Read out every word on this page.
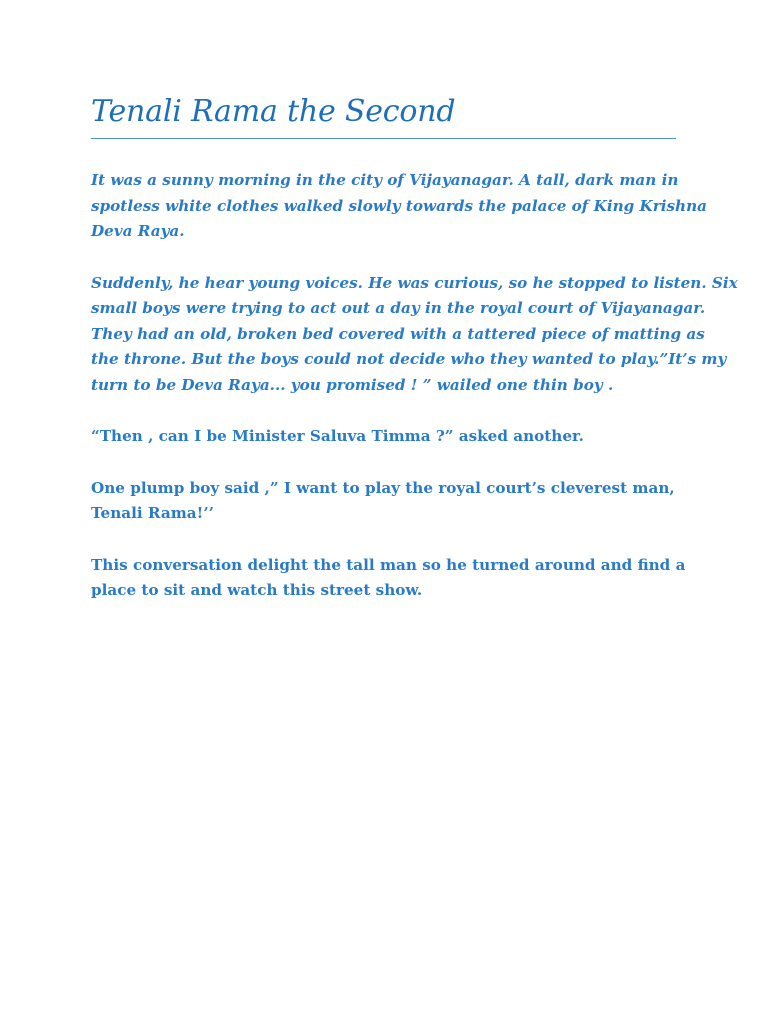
Tenali Rama the Second

It was a sunny morning in the city of Vijayanagar. A tall, dark man in
spotless white clothes walked slowly towards the palace of King Krishna
Deva Raya.

Suddenly, he hear young voices. He was curious, so he stopped to listen. Six
small boys were trying to act out a day in the royal court of Vijayanagar.
They had an old, broken bed covered with a tattered piece of matting as
the throne. But the boys could not decide who they wanted to play.”It’s my
turn to be Deva Raya... you promised ! ” wailed one thin boy .

“Then , can I be Minister Saluva Timma ?” asked another.

One plump boy said ,” I want to play the royal court’s cleverest man,
Tenali Rama!’’

This conversation delight the tall man so he turned around and find a
place to sit and watch this street show.
